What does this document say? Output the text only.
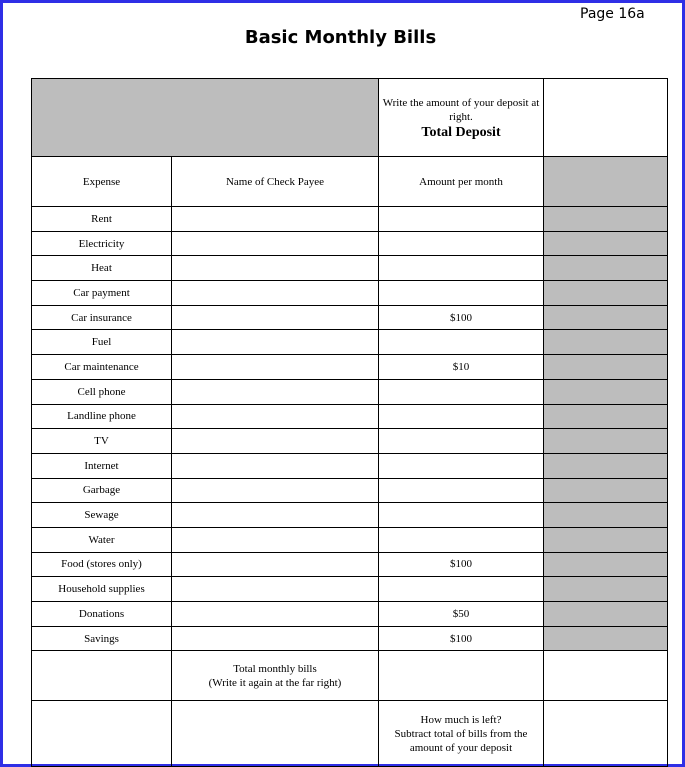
Page 16a
Basic Monthly Bills
		Write the amount of your deposit at right.
Total Deposit	

Expense	Name of Check Payee	Amount per month	
Rent			
Electricity			
Heat			
Car payment			
Car insurance		$100	
Fuel			
Car maintenance		$10	
Cell phone			
Landline phone			
TV			
Internet			
Garbage			
Sewage			
Water			
Food (stores only)		$100	
Household supplies			
Donations		$50	
Savings		$100	

	Total monthly bills
(Write it again at the far right)		

		How much is left?
Subtract total of bills from the
amount of your deposit	
